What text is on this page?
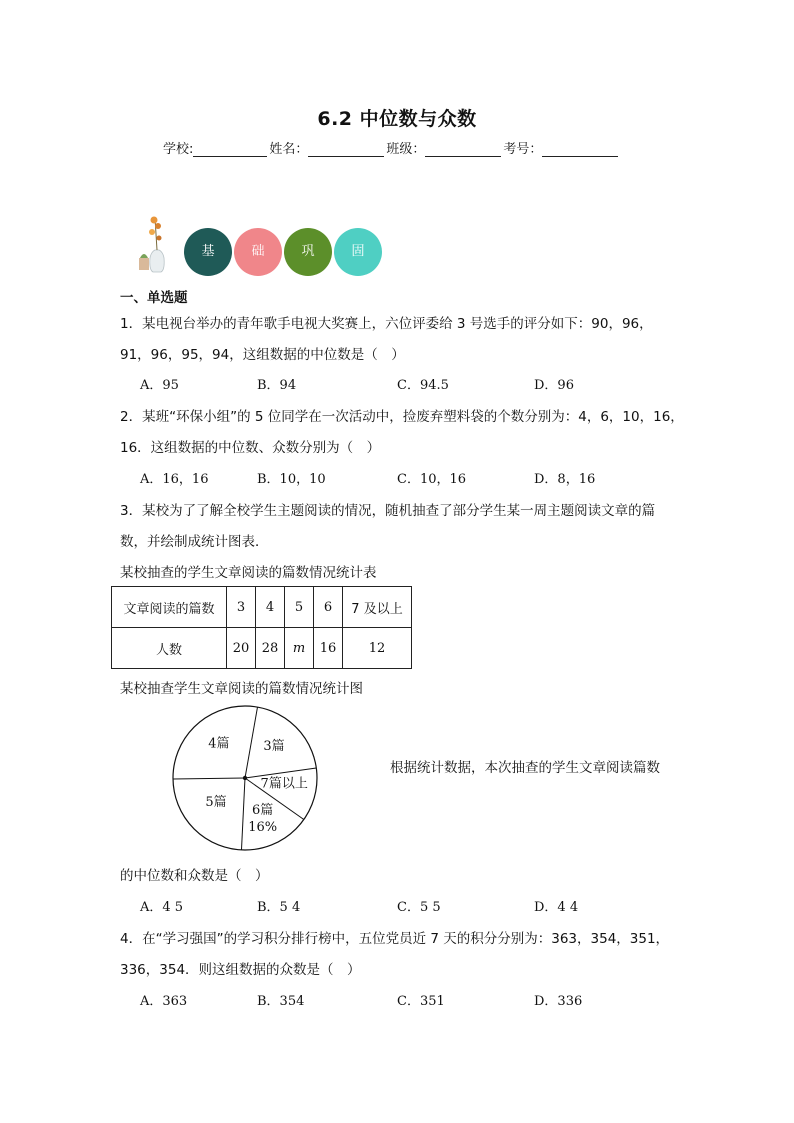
6.2 中位数与众数
学校:	姓名：	班级：	考号：
基	础	巩	固
一、单选题
1．某电视台举办的青年歌手电视大奖赛上，六位评委给 3 号选手的评分如下：90，96，
91，96，95，94，这组数据的中位数是（　）
A．95	B．94	C．94.5	D．96
2．某班“环保小组”的 5 位同学在一次活动中，捡废弃塑料袋的个数分别为：4，6，10，16，
16．这组数据的中位数、众数分别为（　）
A．16，16	B．10，10	C．10，16	D．8，16
3．某校为了了解全校学生主题阅读的情况，随机抽查了部分学生某一周主题阅读文章的篇
数，并绘制成统计图表．
某校抽查的学生文章阅读的篇数情况统计表
文章阅读的篇数	3	4	5	6	7 及以上
人数	20	28	m	16	12
某校抽查学生文章阅读的篇数情况统计图
3篇
7篇以上
6篇
16%
5篇
4篇
根据统计数据，本次抽查的学生文章阅读篇数
的中位数和众数是（　）
A．4 5	B．5 4	C．5 5	D．4 4
4．在“学习强国”的学习积分排行榜中，五位党员近 7 天的积分分别为：363，354，351，
336，354．则这组数据的众数是（　）
A．363	B．354	C．351	D．336
